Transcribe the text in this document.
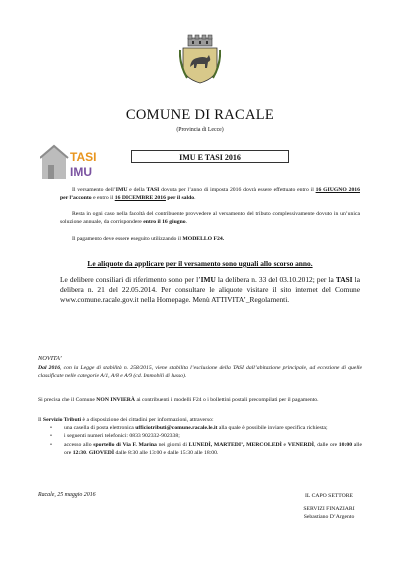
COMUNE DI RACALE
(Provincia di Lecce)
TASI
IMU
IMU E TASI 2016
Il versamento dell’IMU e della TASI dovuta per l’anno di imposta 2016 dovrà essere effettuato entro il 16 GIUGNO 2016 per l’acconto e entro il 16 DICEMBRE 2016 per il saldo.
Resta in ogni caso nella facoltà del contribuente provvedere al versamento del tributo complessivamente dovuto in un’unica soluzione annuale, da corrispondere entro il 16 giugno.
Il pagamento deve essere eseguito utilizzando il MODELLO F24.
Le aliquote da applicare per il versamento sono uguali allo scorso anno.
Le delibere consiliari di riferimento sono per l’IMU la delibera n. 33 del 03.10.2012; per la TASI la delibera n. 21 del 22.05.2014. Per consultare le aliquote visitare il sito internet del Comune www.comune.racale.gov.it nella Homepage. Menù ATTIVITA’_Regolamenti.
NOVITA’
Dal 2016, con la Legge di stabilità n. 258/2015, viene stabilita l’esclusione della TASI dall’abitazione principale, ad eccezione di quelle classificate nelle categorie A/1, A/8 e A/9 (cd. Immobili di lusso).
Si precisa che il Comune NON INVIERÀ ai contribuenti i modelli F24 o i bollettini postali precompilati per il pagamento.
Il Servizio Tributi è a disposizione dei cittadini per informazioni, attraverso:
• una casella di posta elettronica ufficiotributi@comune.racale.le.it alla quale è possibile inviare specifica richiesta;
• i seguenti numeri telefonici: 0833 902332-902338;
• accesso allo sportello di Via F. Marina nei giorni di LUNEDÌ, MARTEDI’, MERCOLEDÌ e VENERDÌ, dalle ore 10:00 alle ore 12:30. GIOVEDÌ dalle 8:30 alle 13:00 e dalle 15:30 alle 18:00.
Racale, 25 maggio 2016	IL CAPO SETTORE
SERVIZI FINAZIARI
Sebastiano D’Argento
